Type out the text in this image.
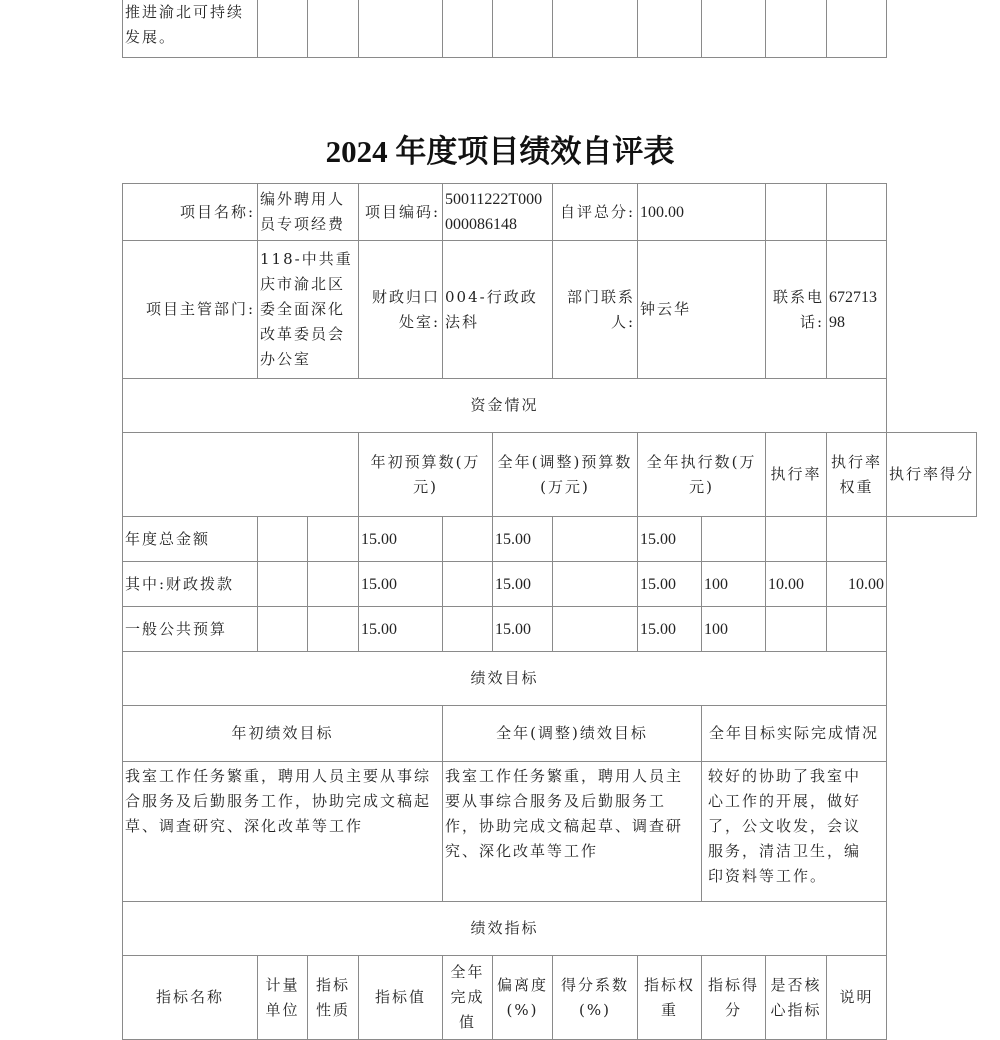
推进渝北可持续发展。										
2024 年度项目绩效自评表
项目名称:	编外聘用人员专项经费	项目编码:	50011222T000000086148		自评总分:	100.00			
项目主管部门:	118-中共重庆市渝北区委全面深化改革委员会办公室	财政归口处室:	004-行政政法科		部门联系人:	钟云华	联系电话:	67271398	
资金情况									
		年初预算数(万元)		全年(调整)预算数(万元)		全年执行数(万元)	执行率	执行率权重	执行率得分
年度总金额			15.00		15.00		15.00			
其中:财政拨款			15.00		15.00		15.00	100	10.00	10.00
一般公共预算			15.00		15.00		15.00	100		
绩效目标										
年初绩效目标				全年(调整)绩效目标				全年目标实际完成情况		
我室工作任务繁重，聘用人员主要从事综合服务及后勤服务工作，协助完成文稿起草、调查研究、深化改革等工作				我室工作任务繁重，聘用人员主要从事综合服务及后勤服务工作，协助完成文稿起草、调查研究、深化改革等工作				较好的协助了我室中心工作的开展，做好了，公文收发，会议服务，清洁卫生，编印资料等工作。		
绩效指标										
指标名称	计量单位	指标性质	指标值	全年完成值	偏离度(%)	得分系数(%)	指标权重	指标得分	是否核心指标	说明
